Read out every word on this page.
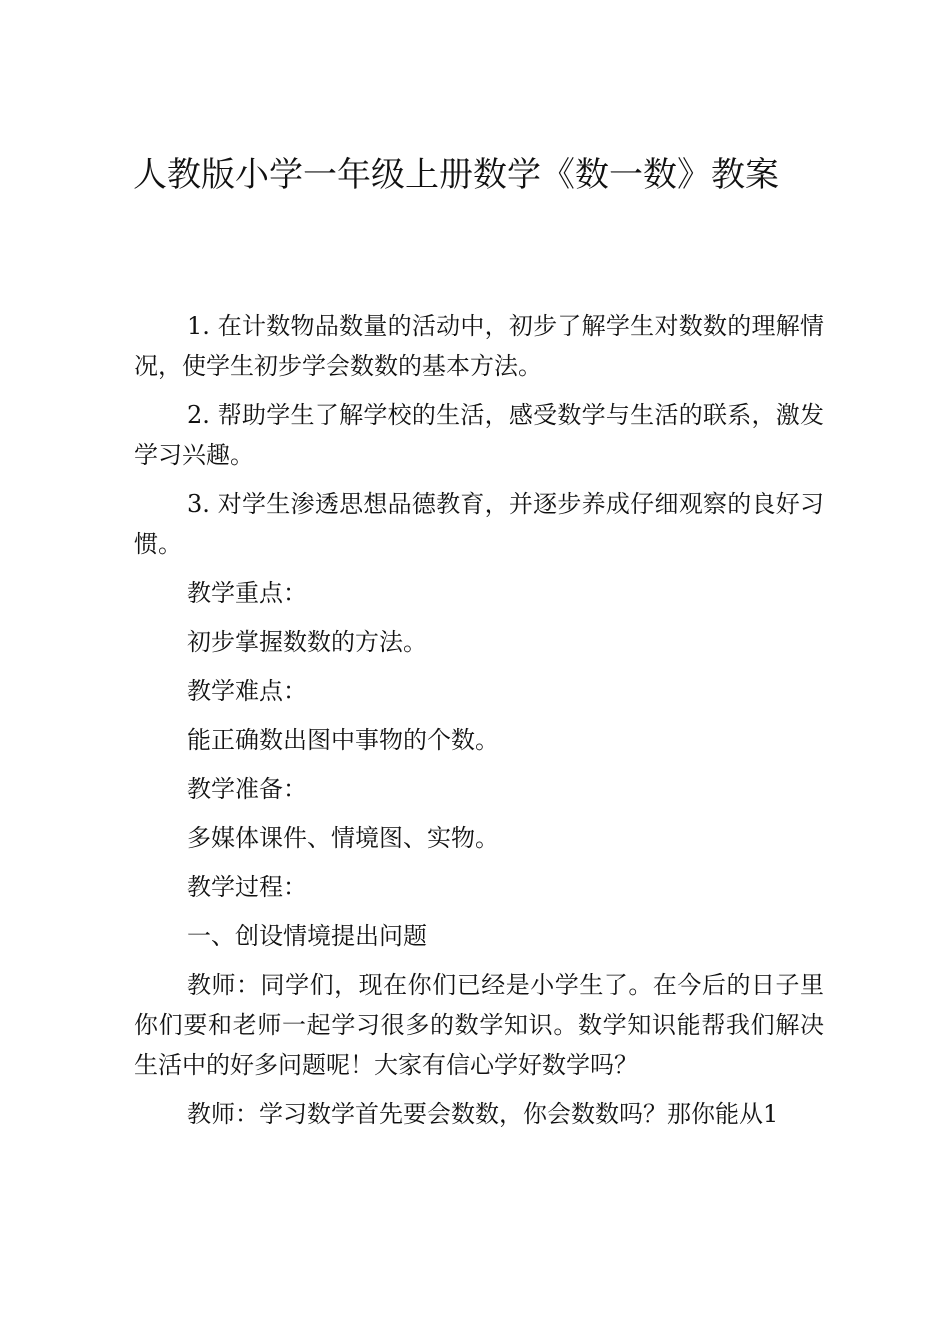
人教版小学一年级上册数学《数一数》教案

1. 在计数物品数量的活动中，初步了解学生对数数的理解情况，使学生初步学会数数的基本方法。

2. 帮助学生了解学校的生活，感受数学与生活的联系，激发学习兴趣。

3. 对学生渗透思想品德教育，并逐步养成仔细观察的良好习惯。

教学重点：

初步掌握数数的方法。

教学难点：

能正确数出图中事物的个数。

教学准备：

多媒体课件、情境图、实物。

教学过程：

一、创设情境提出问题

教师：同学们，现在你们已经是小学生了。在今后的日子里你们要和老师一起学习很多的数学知识。数学知识能帮我们解决生活中的好多问题呢！大家有信心学好数学吗？

教师：学习数学首先要会数数，你会数数吗？那你能从1
